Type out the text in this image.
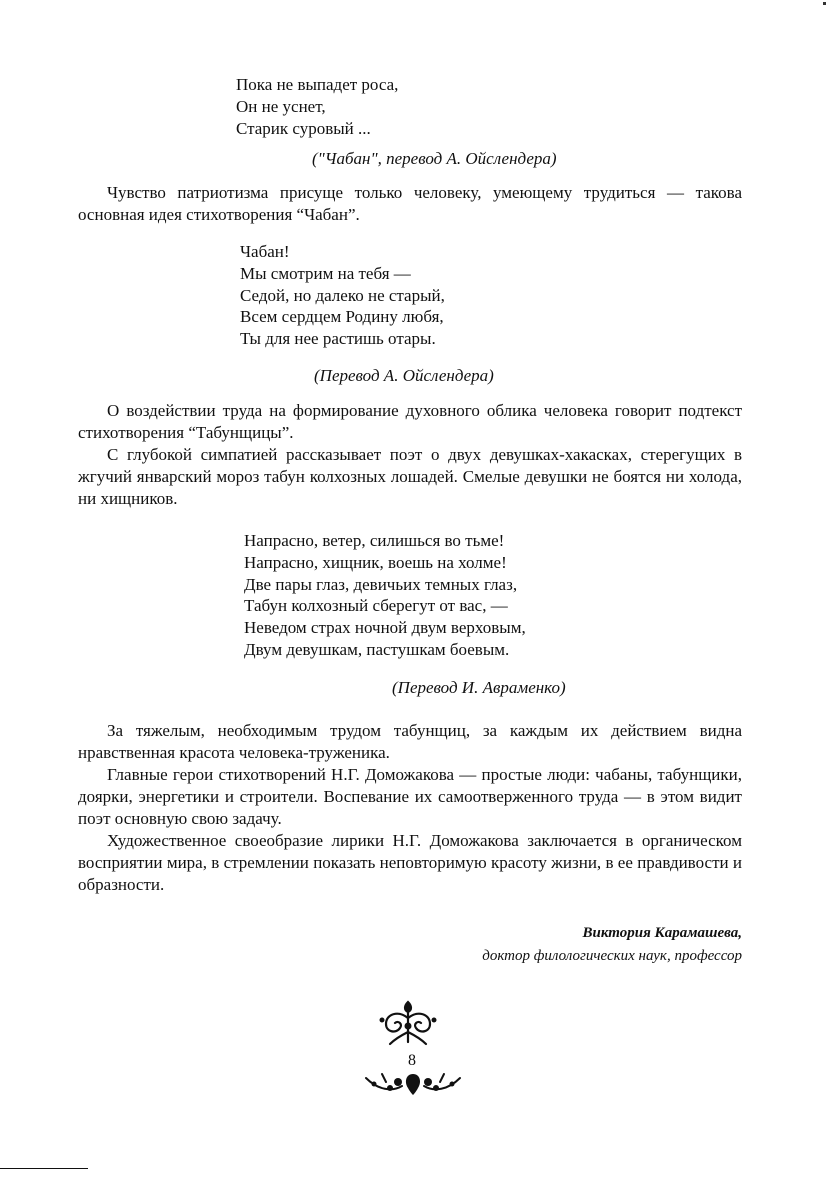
Пока не выпадет роса,
Он не уснет,
Старик суровый ...
("Чабан", перевод А. Ойслендера)
Чувство патриотизма присуще только человеку, умеющему трудиться — такова основная идея стихотворения “Чабан”.
Чабан!
Мы смотрим на тебя —
Седой, но далеко не старый,
Всем сердцем Родину любя,
Ты для нее растишь отары.
(Перевод А. Ойслендера)
О воздействии труда на формирование духовного облика человека говорит подтекст стихотворения “Табунщицы”.
С глубокой симпатией рассказывает поэт о двух девушках-хакасках, стерегущих в жгучий январский мороз табун колхозных лошадей. Смелые девушки не боятся ни холода, ни хищников.
Напрасно, ветер, силишься во тьме!
Напрасно, хищник, воешь на холме!
Две пары глаз, девичьих темных глаз,
Табун колхозный сберегут от вас, —
Неведом страх ночной двум верховым,
Двум девушкам, пастушкам боевым.
(Перевод И. Авраменко)
За тяжелым, необходимым трудом табунщиц, за каждым их действием видна нравственная красота человека-труженика.
Главные герои стихотворений Н.Г. Доможакова — простые люди: чабаны, табунщики, доярки, энергетики и строители. Воспевание их самоотверженного труда — в этом видит поэт основную свою задачу.
Художественное своеобразие лирики Н.Г. Доможакова заключается в органическом восприятии мира, в стремлении показать неповторимую красоту жизни, в ее правдивости и образности.
Виктория Карамашева,
доктор филологических наук, профессор
8
